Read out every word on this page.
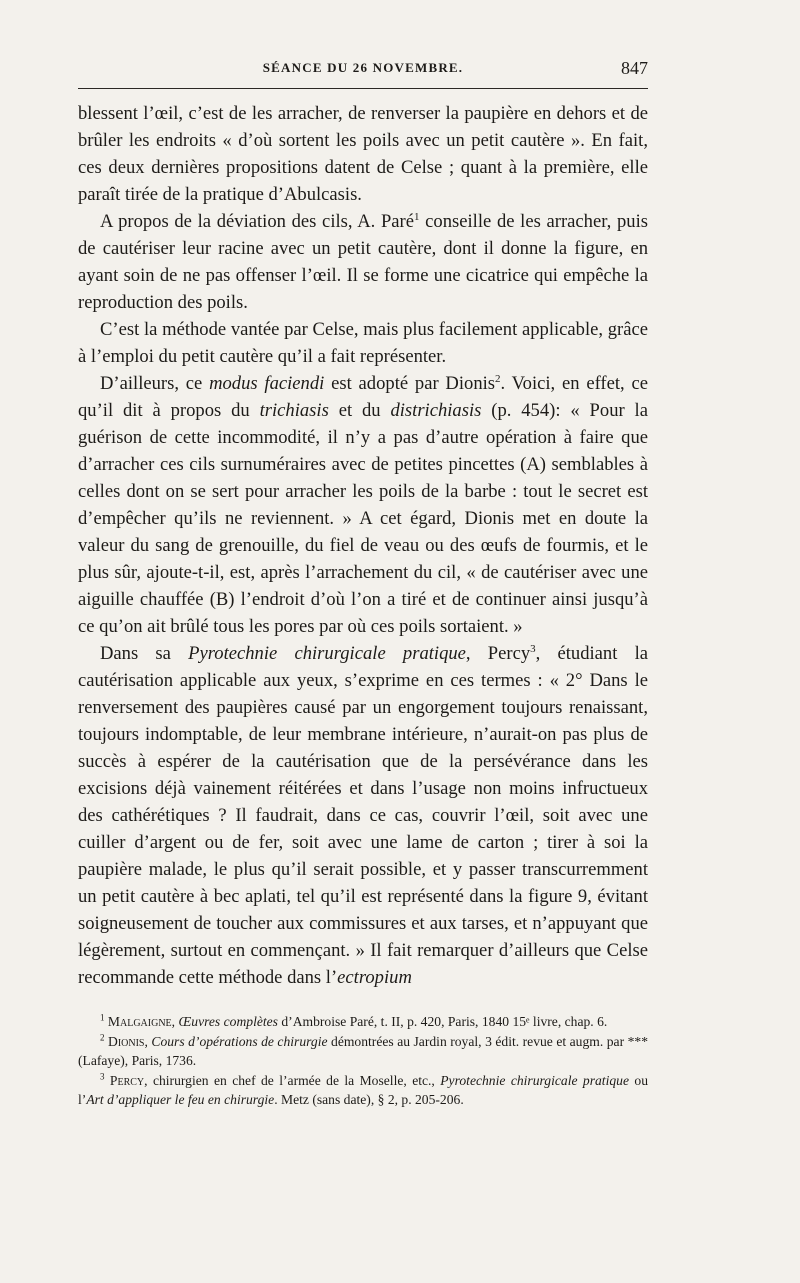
SÉANCE DU 26 NOVEMBRE.	847

blessent l’œil, c’est de les arracher, de renverser la paupière en dehors et de brûler les endroits « d’où sortent les poils avec un petit cautère ». En fait, ces deux dernières propositions datent de Celse ; quant à la première, elle paraît tirée de la pratique d’Abulcasis.

A propos de la déviation des cils, A. Paré$^1$ conseille de les arracher, puis de cautériser leur racine avec un petit cautère, dont il donne la figure, en ayant soin de ne pas offenser l’œil. Il se forme une cicatrice qui empêche la reproduction des poils.

C’est la méthode vantée par Celse, mais plus facilement applicable, grâce à l’emploi du petit cautère qu’il a fait représenter.

D’ailleurs, ce modus faciendi est adopté par Dionis$^2$. Voici, en effet, ce qu’il dit à propos du trichiasis et du districhiasis (p. 454): « Pour la guérison de cette incommodité, il n’y a pas d’autre opération à faire que d’arracher ces cils surnuméraires avec de petites pincettes (A) semblables à celles dont on se sert pour arracher les poils de la barbe : tout le secret est d’empêcher qu’ils ne reviennent. » A cet égard, Dionis met en doute la valeur du sang de grenouille, du fiel de veau ou des œufs de fourmis, et le plus sûr, ajoute-t-il, est, après l’arrachement du cil, « de cautériser avec une aiguille chauffée (B) l’endroit d’où l’on a tiré et de continuer ainsi jusqu’à ce qu’on ait brûlé tous les pores par où ces poils sortaient. »

Dans sa Pyrotechnie chirurgicale pratique, Percy$^3$, étudiant la cautérisation applicable aux yeux, s’exprime en ces termes : « 2° Dans le renversement des paupières causé par un engorgement toujours renaissant, toujours indomptable, de leur membrane intérieure, n’aurait-on pas plus de succès à espérer de la cautérisation que de la persévérance dans les excisions déjà vainement réitérées et dans l’usage non moins infructueux des cathérétiques ? Il faudrait, dans ce cas, couvrir l’œil, soit avec une cuiller d’argent ou de fer, soit avec une lame de carton ; tirer à soi la paupière malade, le plus qu’il serait possible, et y passer transcurremment un petit cautère à bec aplati, tel qu’il est représenté dans la figure 9, évitant soigneusement de toucher aux commissures et aux tarses, et n’appuyant que légèrement, surtout en commençant. » Il fait remarquer d’ailleurs que Celse recommande cette méthode dans l’ectropium

$^1$ Malgaigne, Œuvres complètes d’Ambroise Paré, t. II, p. 420, Paris, 1840 15ᵉ livre, chap. 6.

$^2$ Dionis, Cours d’opérations de chirurgie démontrées au Jardin royal, 3 édit. revue et augm. par *** (Lafaye), Paris, 1736.

$^3$ Percy, chirurgien en chef de l’armée de la Moselle, etc., Pyrotechnie chirurgicale pratique ou l’Art d’appliquer le feu en chirurgie. Metz (sans date), § 2, p. 205-206.
